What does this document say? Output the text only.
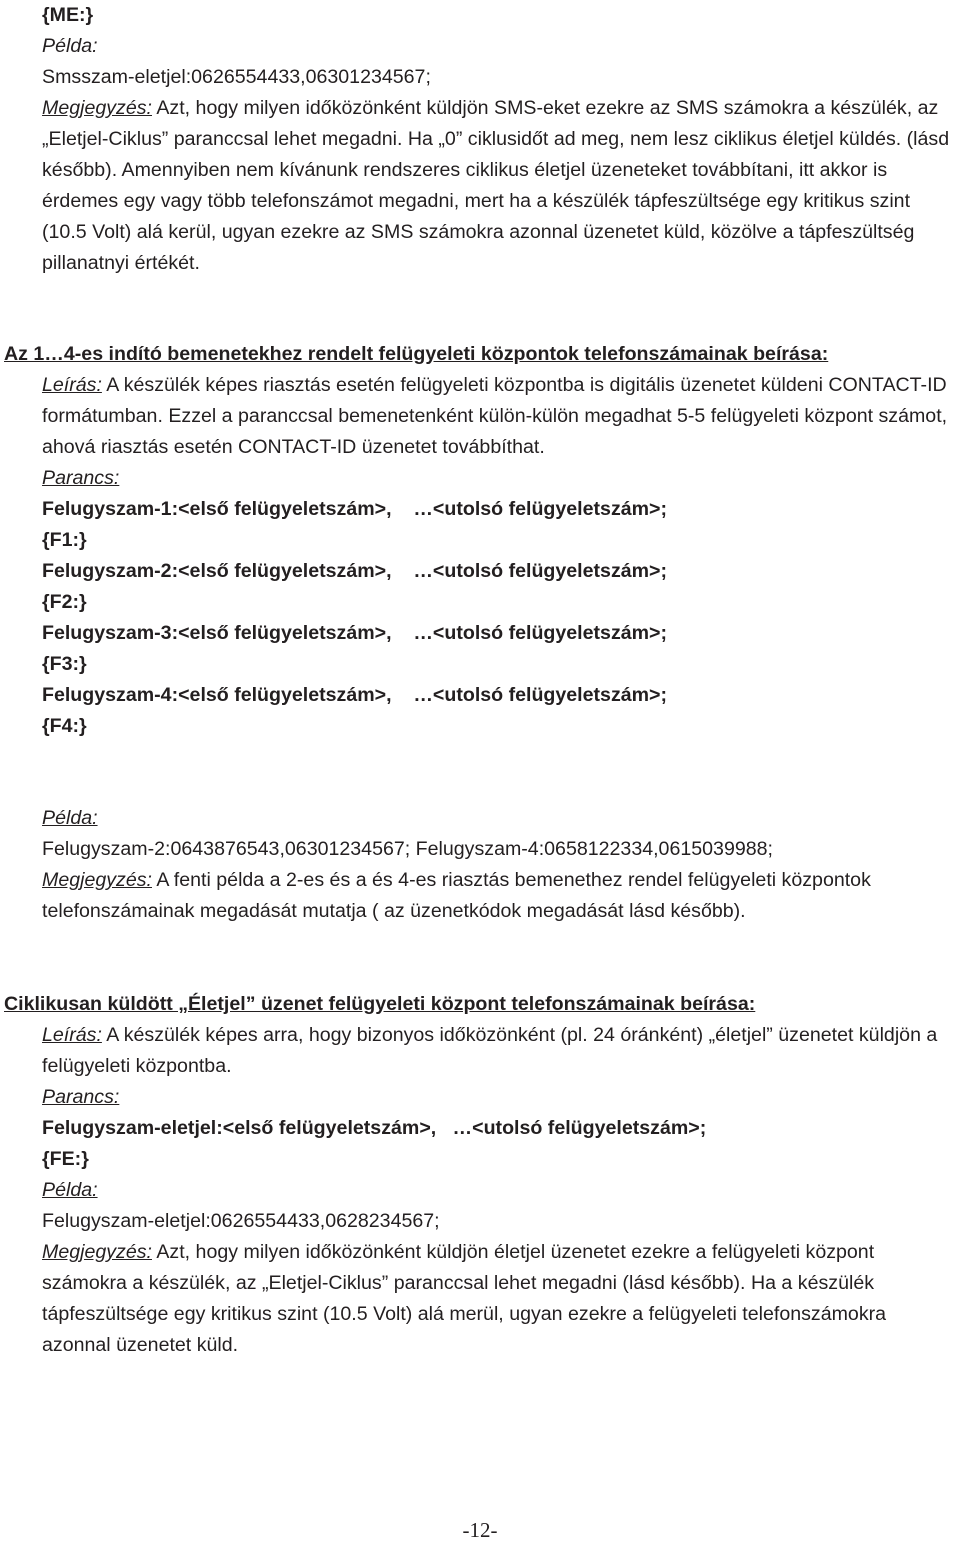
{ME:}
Példa:
Smsszam-eletjel:0626554433,06301234567;
Megjegyzés: Azt, hogy milyen időközönként küldjön SMS-eket ezekre az SMS számokra a készülék, az „Eletjel-Ciklus” paranccsal lehet megadni. Ha „0” ciklusidőt ad meg, nem lesz ciklikus életjel küldés. (lásd később). Amennyiben nem kívánunk rendszeres ciklikus életjel üzeneteket továbbítani, itt akkor is érdemes egy vagy több telefonszámot megadni, mert ha a készülék tápfeszültsége egy kritikus szint (10.5 Volt) alá kerül, ugyan ezekre az SMS számokra azonnal üzenetet küld, közölve a tápfeszültség pillanatnyi értékét.
Az 1…4-es indító bemenetekhez rendelt felügyeleti központok telefonszámainak beírása:
Leírás: A készülék képes riasztás esetén felügyeleti központba is digitális üzenetet küldeni CONTACT-ID formátumban. Ezzel a paranccsal bemenetenként külön-külön megadhat 5-5 felügyeleti központ számot, ahová riasztás esetén CONTACT-ID üzenetet továbbíthat.
Parancs:
Felugyszam-1:<első felügyeletszám>,    …<utolsó felügyeletszám>;
{F1:}
Felugyszam-2:<első felügyeletszám>,    …<utolsó felügyeletszám>;
{F2:}
Felugyszam-3:<első felügyeletszám>,    …<utolsó felügyeletszám>;
{F3:}
Felugyszam-4:<első felügyeletszám>,    …<utolsó felügyeletszám>;
{F4:}
Példa:
Felugyszam-2:0643876543,06301234567; Felugyszam-4:0658122334,0615039988;
Megjegyzés: A fenti példa a 2-es és a és 4-es riasztás bemenethez rendel felügyeleti központok telefonszámainak megadását mutatja ( az üzenetkódok megadását lásd később).
Ciklikusan küldött „Életjel” üzenet felügyeleti központ telefonszámainak beírása:
Leírás: A készülék képes arra, hogy bizonyos időközönként (pl. 24 óránként) „életjel” üzenetet küldjön a felügyeleti központba.
Parancs:
Felugyszam-eletjel:<első felügyeletszám>,   …<utolsó felügyeletszám>;
{FE:}
Példa:
Felugyszam-eletjel:0626554433,0628234567;
Megjegyzés: Azt, hogy milyen időközönként küldjön életjel üzenetet ezekre a felügyeleti központ számokra a készülék, az „Eletjel-Ciklus” paranccsal lehet megadni (lásd később). Ha a készülék tápfeszültsége egy kritikus szint (10.5 Volt) alá merül, ugyan ezekre a felügyeleti telefonszámokra azonnal üzenetet küld.
-12-
